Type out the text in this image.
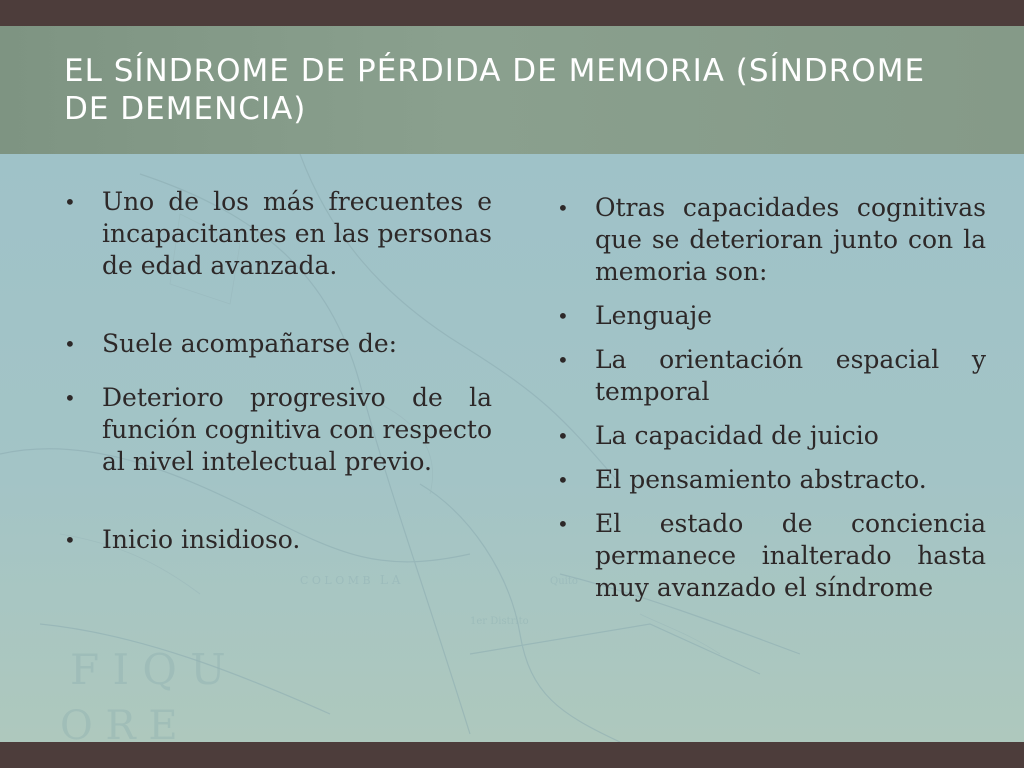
EL SÍNDROME DE PÉRDIDA DE MEMORIA (SÍNDROME DE DEMENCIA)
F I Q U
O R E
L A
C O L O M B
1er Distrito
Quito
• Uno de los más frecuentes e incapacitantes en las personas de edad avanzada.
• Suele acompañarse de:
• Deterioro progresivo de la función cognitiva con respecto al nivel intelectual previo.
• Inicio insidioso.
• Otras capacidades cognitivas que se deterioran junto con la memoria son:
• Lenguaje
• La orientación espacial y temporal
• La capacidad de juicio
• El pensamiento abstracto.
• El estado de conciencia permanece inalterado hasta muy avanzado el síndrome
